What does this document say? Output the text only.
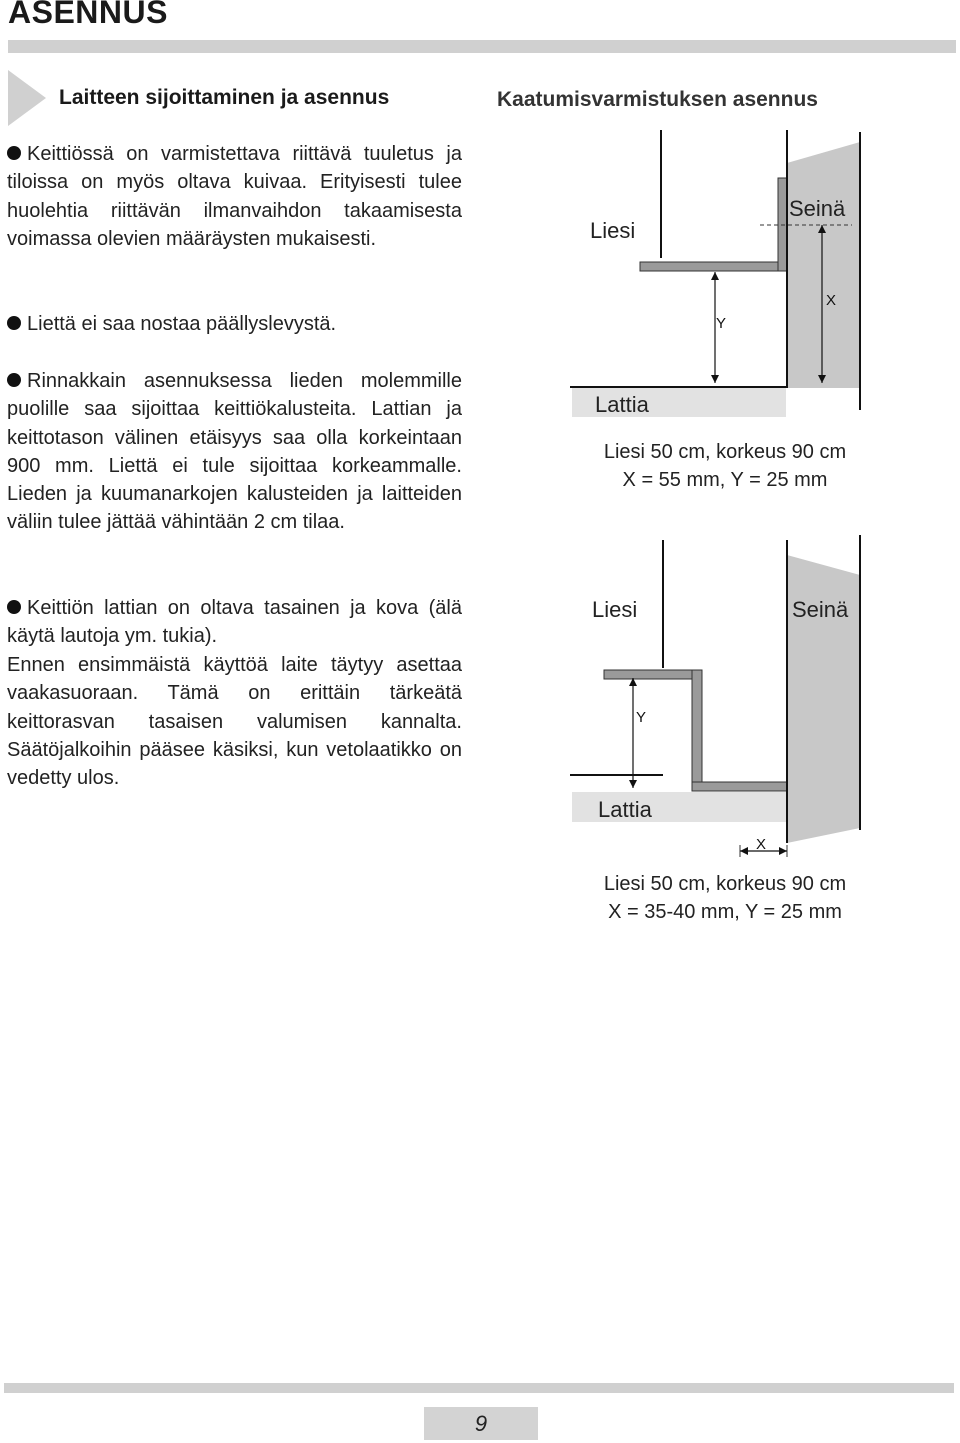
ASENNUS
Laitteen sijoittaminen ja asennus	Kaatumisvarmistuksen asennus
Keittiössä on varmistettava riittävä tuuletus ja tiloissa on myös oltava kuivaa. Erityisesti tulee huolehtia riittävän ilmanvaihdon takaamisesta voimassa olevien määräysten mukaisesti.
Liettä ei saa nostaa päällyslevystä.
Rinnakkain asennuksessa lieden molemmille puolille saa sijoittaa keittiökalusteita. Lattian ja keittotason välinen etäisyys saa olla korkeintaan 900 mm. Liettä ei tule sijoittaa korkeammalle. Lieden ja kuumanarkojen kalusteiden ja laitteiden väliin tulee jättää vähintään 2 cm tilaa.
Keittiön lattian on oltava tasainen ja kova (älä käytä lautoja ym. tukia).
Ennen ensimmäistä käyttöä laite täytyy asettaa vaakasuoraan. Tämä on erittäin tärkeätä keittorasvan tasaisen valumisen kannalta. Säätöjalkoihin pääsee käsiksi, kun vetolaatikko on vedetty ulos.
Liesi
Seinä
Y
X
Lattia
Liesi 50 cm, korkeus 90 cm
X = 55 mm, Y = 25 mm
Liesi	Seinä
Y
Lattia
X
Liesi 50 cm, korkeus 90 cm
X = 35-40 mm, Y = 25 mm
9
